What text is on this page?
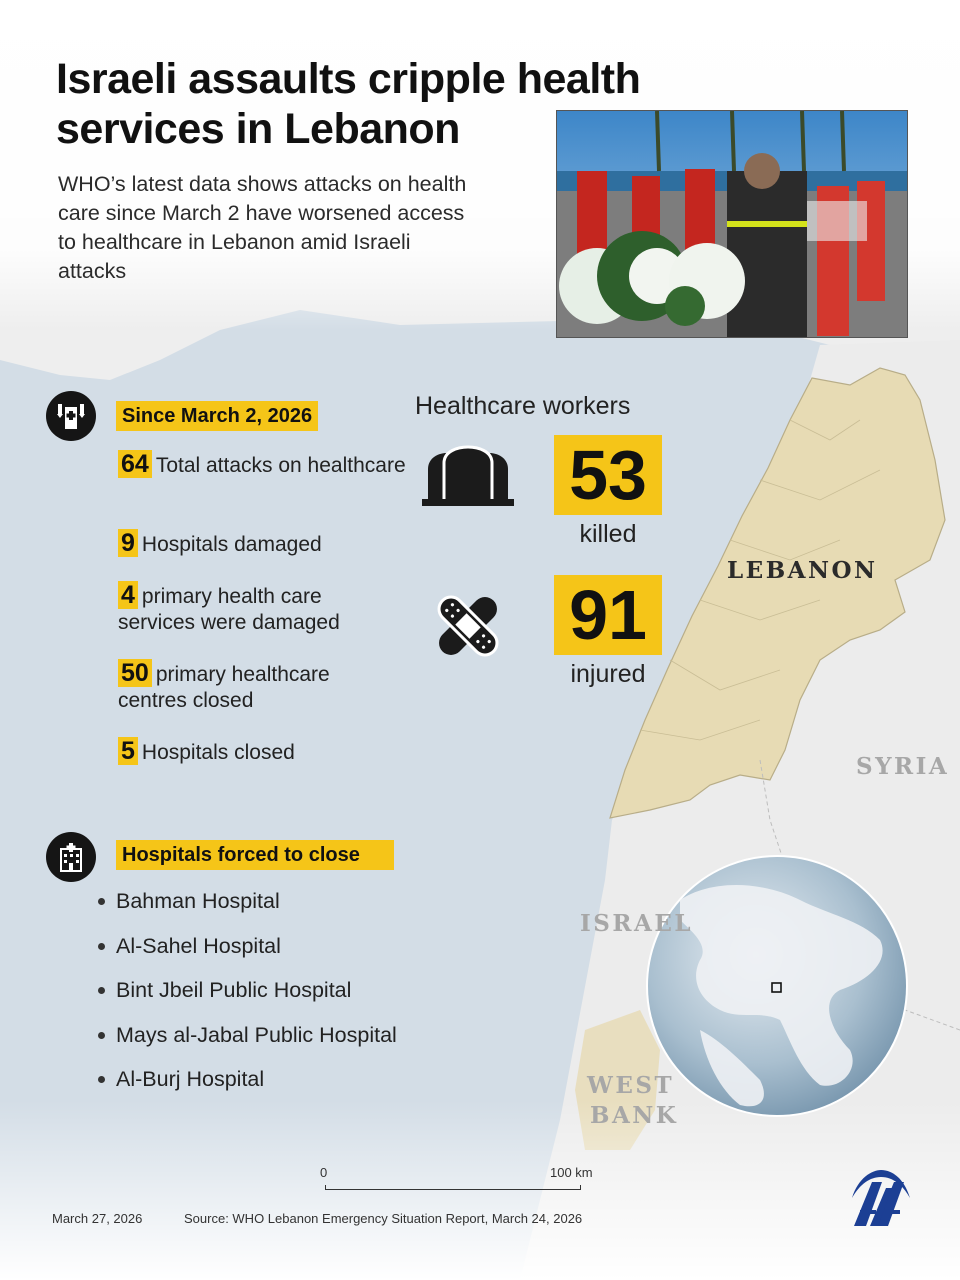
Israeli assaults cripple health services in Lebanon

WHO’s latest data shows attacks on health care since March 2 have worsened access to healthcare in Lebanon amid Israeli attacks

Since March 2, 2026
64 Total attacks on healthcare
9 Hospitals damaged
4 primary health care services were damaged
50 primary healthcare centres closed
5 Hospitals closed
Healthcare workers
53
killed
91
injured
Hospitals forced to close
Bahman Hospital
Al-Sahel Hospital
Bint Jbeil Public Hospital
Mays al-Jabal Public Hospital
Al-Burj Hospital
LEBANON
SYRIA
ISRAEL
WEST
BANK
0	100 km
March 27, 2026	Source: WHO Lebanon Emergency Situation Report, March 24, 2026
